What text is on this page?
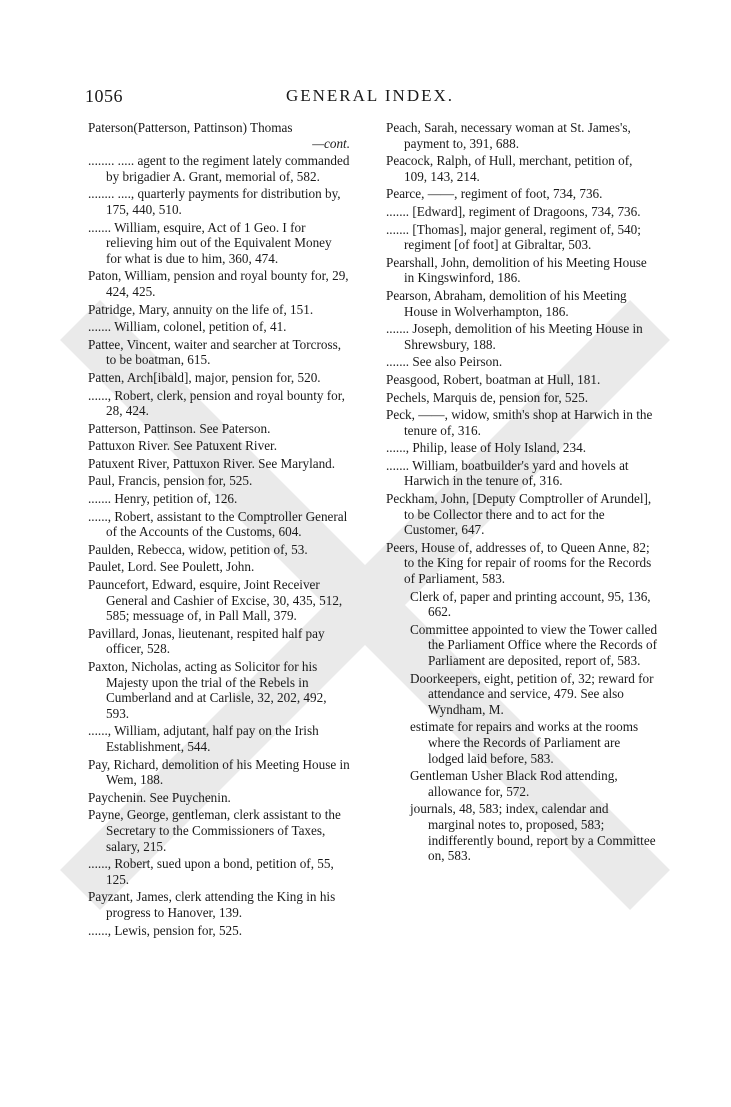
1056	GENERAL INDEX.
Paterson(Patterson, Pattinson) Thomas
—cont.
........ ..... agent to the regiment lately commanded by brigadier A. Grant, memorial of, 582.
........ ...., quarterly payments for distribution by, 175, 440, 510.
....... William, esquire, Act of 1 Geo. I for relieving him out of the Equivalent Money for what is due to him, 360, 474.
Paton, William, pension and royal bounty for, 29, 424, 425.
Patridge, Mary, annuity on the life of, 151.
....... William, colonel, petition of, 41.
Pattee, Vincent, waiter and searcher at Torcross, to be boatman, 615.
Patten, Arch[ibald], major, pension for, 520.
......, Robert, clerk, pension and royal bounty for, 28, 424.
Patterson, Pattinson. See Paterson.
Pattuxon River. See Patuxent River.
Patuxent River, Pattuxon River. See Maryland.
Paul, Francis, pension for, 525.
....... Henry, petition of, 126.
......, Robert, assistant to the Comptroller General of the Accounts of the Customs, 604.
Paulden, Rebecca, widow, petition of, 53.
Paulet, Lord. See Poulett, John.
Pauncefort, Edward, esquire, Joint Receiver General and Cashier of Excise, 30, 435, 512, 585; messuage of, in Pall Mall, 379.
Pavillard, Jonas, lieutenant, respited half pay officer, 528.
Paxton, Nicholas, acting as Solicitor for his Majesty upon the trial of the Rebels in Cumberland and at Carlisle, 32, 202, 492, 593.
......, William, adjutant, half pay on the Irish Establishment, 544.
Pay, Richard, demolition of his Meeting House in Wem, 188.
Paychenin. See Puychenin.
Payne, George, gentleman, clerk assistant to the Secretary to the Commissioners of Taxes, salary, 215.
......, Robert, sued upon a bond, petition of, 55, 125.
Payzant, James, clerk attending the King in his progress to Hanover, 139.
......, Lewis, pension for, 525.
Peach, Sarah, necessary woman at St. James's, payment to, 391, 688.
Peacock, Ralph, of Hull, merchant, petition of, 109, 143, 214.
Pearce, ——, regiment of foot, 734, 736.
....... [Edward], regiment of Dragoons, 734, 736.
....... [Thomas], major general, regiment of, 540; regiment [of foot] at Gibraltar, 503.
Pearshall, John, demolition of his Meeting House in Kingswinford, 186.
Pearson, Abraham, demolition of his Meeting House in Wolverhampton, 186.
....... Joseph, demolition of his Meeting House in Shrewsbury, 188.
....... See also Peirson.
Peasgood, Robert, boatman at Hull, 181.
Pechels, Marquis de, pension for, 525.
Peck, ——, widow, smith's shop at Harwich in the tenure of, 316.
......, Philip, lease of Holy Island, 234.
....... William, boatbuilder's yard and hovels at Harwich in the tenure of, 316.
Peckham, John, [Deputy Comptroller of Arundel], to be Collector there and to act for the Customer, 647.
Peers, House of, addresses of, to Queen Anne, 82; to the King for repair of rooms for the Records of Parliament, 583.
Clerk of, paper and printing account, 95, 136, 662.
Committee appointed to view the Tower called the Parliament Office where the Records of Parliament are deposited, report of, 583.
Doorkeepers, eight, petition of, 32; reward for attendance and service, 479. See also Wyndham, M.
estimate for repairs and works at the rooms where the Records of Parliament are lodged laid before, 583.
Gentleman Usher Black Rod attending, allowance for, 572.
journals, 48, 583; index, calendar and marginal notes to, proposed, 583; indifferently bound, report by a Committee on, 583.
